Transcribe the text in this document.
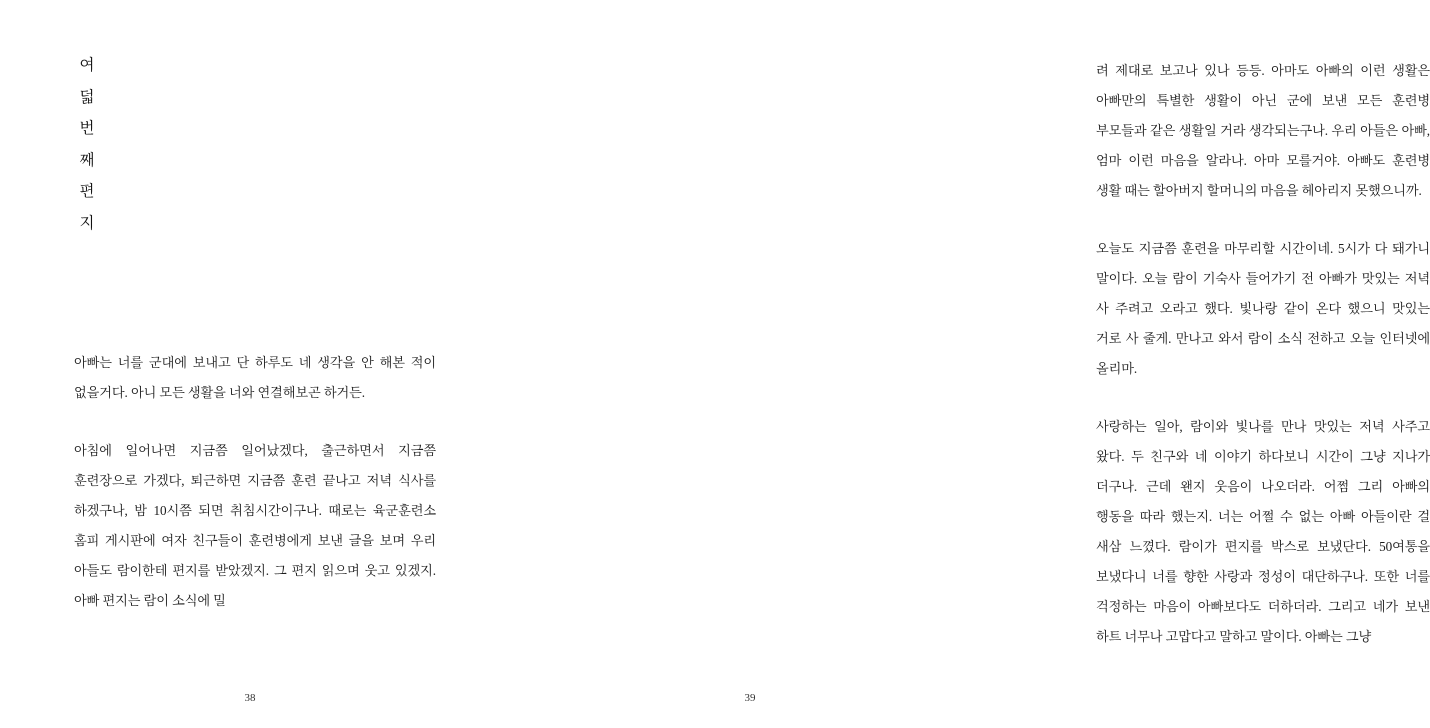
여
덟
번
째
편
지

아빠는 너를 군대에 보내고 단 하루도 네 생각을 안 해본 적이 없을거다. 아니 모든 생활을 너와 연결해보곤 하거든.

아침에 일어나면 지금쯤 일어났겠다, 출근하면서 지금쯤 훈련장으로 가겠다, 퇴근하면 지금쯤 훈련 끝나고 저녁 식사를 하겠구나, 밤 10시쯤 되면 취침시간이구나. 때로는 육군훈련소 홈피 게시판에 여자 친구들이 훈련병에게 보낸 글을 보며 우리 아들도 람이한테 편지를 받았겠지. 그 편지 읽으며 웃고 있겠지. 아빠 편지는 람이 소식에 밀

38

려 제대로 보고나 있나 등등. 아마도 아빠의 이런 생활은 아빠만의 특별한 생활이 아닌 군에 보낸 모든 훈련병 부모들과 같은 생활일 거라 생각되는구나. 우리 아들은 아빠, 엄마 이런 마음을 알라나. 아마 모를거야. 아빠도 훈련병 생활 때는 할아버지 할머니의 마음을 헤아리지 못했으니까.

오늘도 지금쯤 훈련을 마무리할 시간이네. 5시가 다 돼가니 말이다. 오늘 람이 기숙사 들어가기 전 아빠가 맛있는 저녁 사 주려고 오라고 했다. 빛나랑 같이 온다 했으니 맛있는 거로 사 줄게. 만나고 와서 람이 소식 전하고 오늘 인터넷에 올리마.

사랑하는 일아, 람이와 빛나를 만나 맛있는 저녁 사주고 왔다. 두 친구와 네 이야기 하다보니 시간이 그냥 지나가 더구나. 근데 왠지 웃음이 나오더라. 어쩜 그리 아빠의 행동을 따라 했는지. 너는 어쩔 수 없는 아빠 아들이란 걸 새삼 느꼈다. 람이가 편지를 박스로 보냈단다. 50여통을 보냈다니 너를 향한 사랑과 정성이 대단하구나. 또한 너를 걱정하는 마음이 아빠보다도 더하더라. 그리고 네가 보낸 하트 너무나 고맙다고 말하고 말이다. 아빠는 그냥

39
